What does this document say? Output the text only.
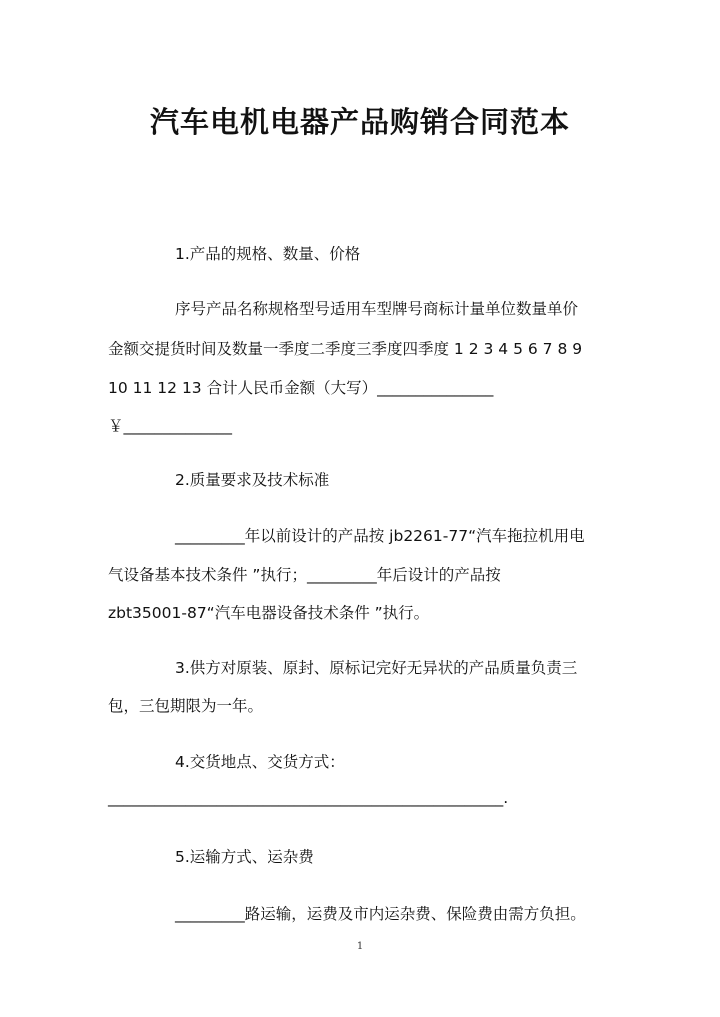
汽车电机电器产品购销合同范本
1.产品的规格、数量、价格
序号产品名称规格型号适用车型牌号商标计量单位数量单价
金额交提货时间及数量一季度二季度三季度四季度 1 2 3 4 5 6 7 8 9
10 11 12 13 合计人民币金额（大写）_______________
￥______________
2.质量要求及技术标准
_________年以前设计的产品按 jb2261-77“汽车拖拉机用电
气设备基本技术条件 ”执行；_________年后设计的产品按
zbt35001-87“汽车电器设备技术条件 ”执行。
3.供方对原装、原封、原标记完好无异状的产品质量负责三
包，三包期限为一年。
4.交货地点、交货方式：
___________________________________________________.
5.运输方式、运杂费
_________路运输，运费及市内运杂费、保险费由需方负担。
1
